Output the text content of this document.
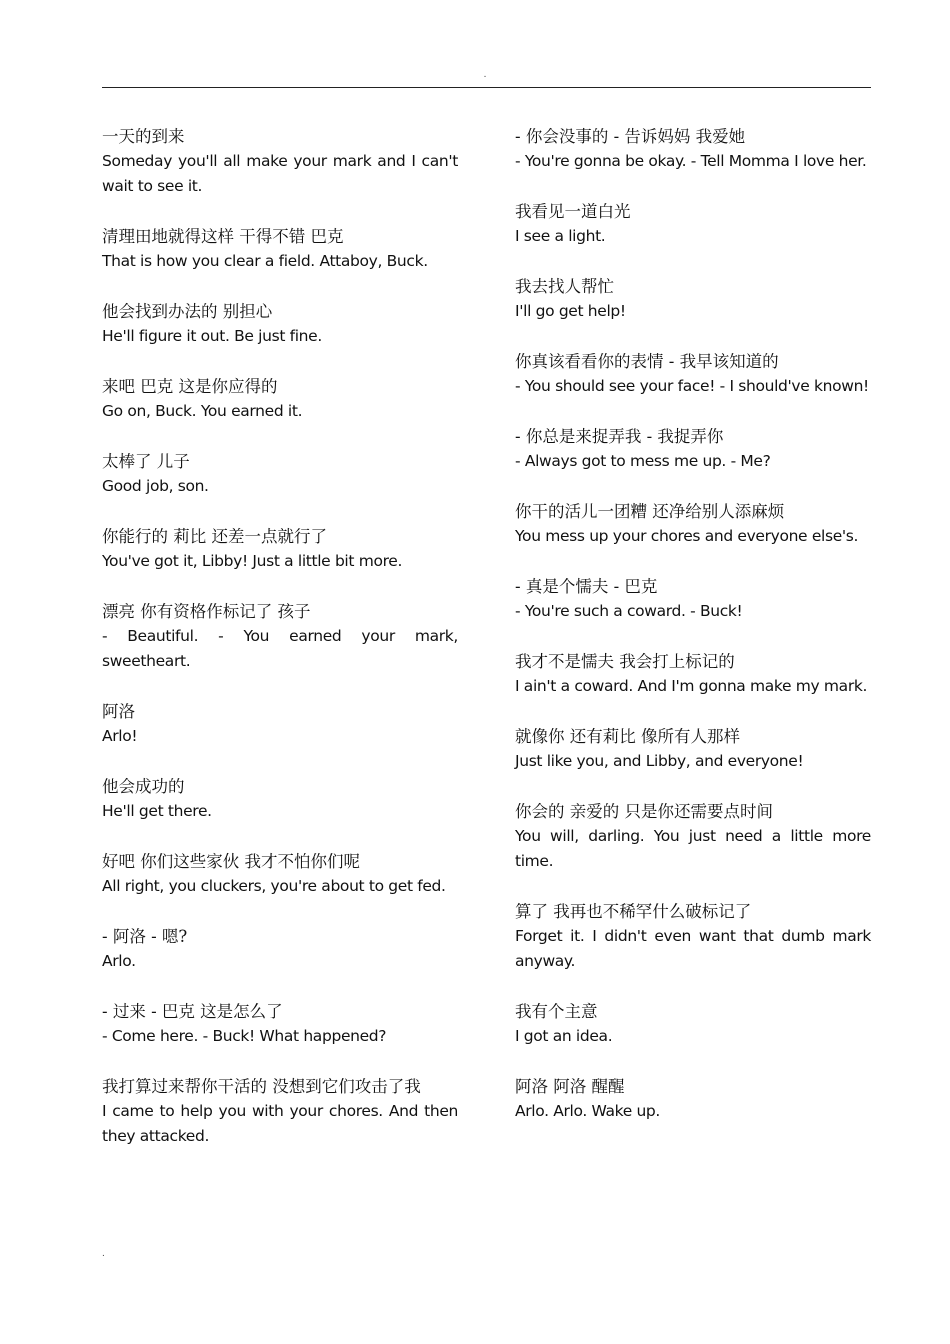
.
一天的到来
Someday you'll all make your mark and I can't wait to see it.
清理田地就得这样 干得不错 巴克
That is how you clear a field. Attaboy, Buck.
他会找到办法的 别担心
He'll figure it out. Be just fine.
来吧 巴克 这是你应得的
Go on, Buck. You earned it.
太棒了 儿子
Good job, son.
你能行的 莉比 还差一点就行了
You've got it, Libby! Just a little bit more.
漂亮 你有资格作标记了 孩子
- Beautiful. - You earned your mark, sweetheart.
阿洛
Arlo!
他会成功的
He'll get there.
好吧 你们这些家伙 我才不怕你们呢
All right, you cluckers, you're about to get fed.
- 阿洛 - 嗯?
Arlo.
- 过来 - 巴克 这是怎么了
- Come here. - Buck! What happened?
我打算过来帮你干活的 没想到它们攻击了我
I came to help you with your chores. And then they attacked.
- 你会没事的 - 告诉妈妈 我爱她
- You're gonna be okay. - Tell Momma I love her.
我看见一道白光
I see a light.
我去找人帮忙
I'll go get help!
你真该看看你的表情 - 我早该知道的
- You should see your face! - I should've known!
- 你总是来捉弄我 - 我捉弄你
- Always got to mess me up. - Me?
你干的活儿一团糟 还净给别人添麻烦
You mess up your chores and everyone else's.
- 真是个懦夫 - 巴克
- You're such a coward. - Buck!
我才不是懦夫 我会打上标记的
I ain't a coward. And I'm gonna make my mark.
就像你 还有莉比 像所有人那样
Just like you, and Libby, and everyone!
你会的 亲爱的 只是你还需要点时间
You will, darling. You just need a little more time.
算了 我再也不稀罕什么破标记了
Forget it. I didn't even want that dumb mark anyway.
我有个主意
I got an idea.
阿洛 阿洛 醒醒
Arlo. Arlo. Wake up.
.
